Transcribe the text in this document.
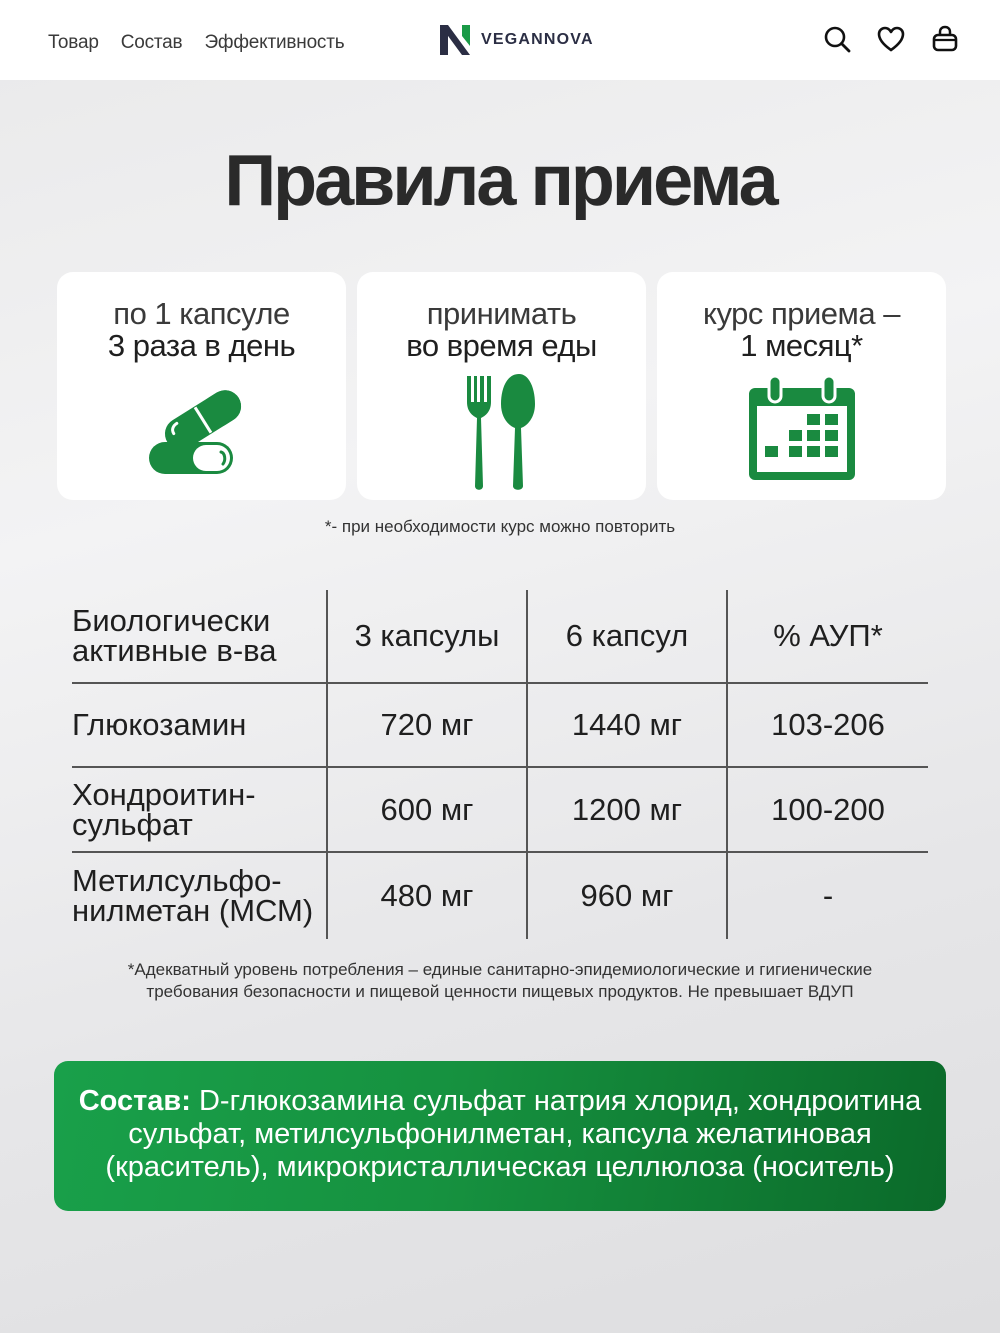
Товар Состав Эффективность	VEGANNOVA
Правила приема
по 1 капсуле
3 раза в день
принимать
во время еды
курс приема –
1 месяц*
*- при необходимости курс можно повторить
Биологически
активные в-ва	3 капсулы	6 капсул	% АУП*
Глюкозамин	720 мг	1440 мг	103-206
Хондроитин-
сульфат	600 мг	1200 мг	100-200
Метилсульфо-
нилметан (МСМ)	480 мг	960 мг	-
*Адекватный уровень потребления – единые санитарно-эпидемиологические и гигиенические
требования безопасности и пищевой ценности пищевых продуктов. Не превышает ВДУП
Состав: D-глюкозамина сульфат натрия хлорид, хондроитина сульфат, метилсульфонилметан, капсула желатиновая (краситель), микрокристаллическая целлюлоза (носитель)
